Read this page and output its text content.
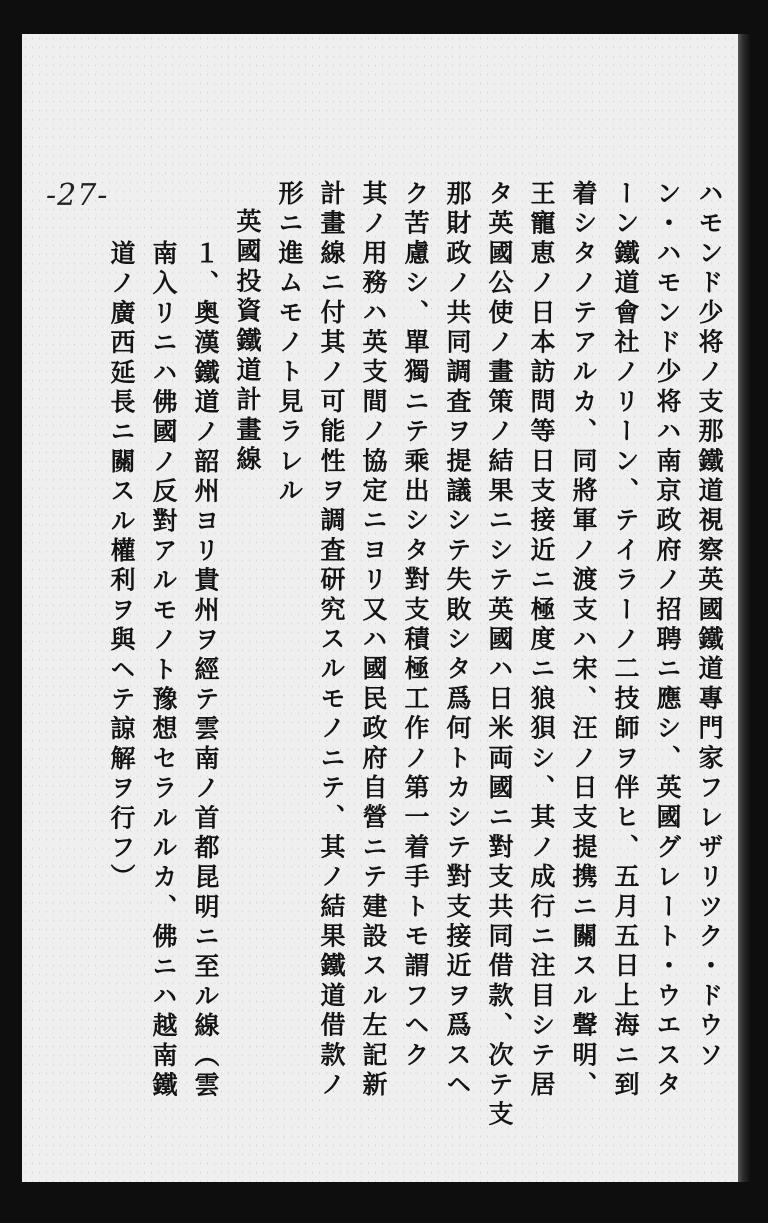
-27-	ハモンド少将ノ支那鐵道視察英國鐵道專門家フレザリツク・ドウソ
ン・ハモンド少将ハ南京政府ノ招聘ニ應シ、英國グレート・ウエスタ
ーン鐵道會社ノリーン、テイラーノ二技師ヲ伴ヒ、五月五日上海ニ到
着シタノテアルカ、同將軍ノ渡支ハ宋、汪ノ日支提携ニ關スル聲明、
王寵恵ノ日本訪問等日支接近ニ極度ニ狼狽シ、其ノ成行ニ注目シテ居
タ英國公使ノ畫策ノ結果ニシテ英國ハ日米両國ニ對支共同借款、次テ支
那財政ノ共同調査ヲ提議シテ失敗シタ爲何トカシテ對支接近ヲ爲スヘ
ク苦慮シ、單獨ニテ乘出シタ對支積極工作ノ第一着手トモ謂フヘク
其ノ用務ハ英支間ノ協定ニヨリ又ハ國民政府自營ニテ建設スル左記新
計畫線ニ付其ノ可能性ヲ調査研究スルモノニテ、其ノ結果鐵道借款ノ
形ニ進ムモノト見ラレル
英國投資鐵道計畫線
１、奥漢鐵道ノ韶州ヨリ貴州ヲ經テ雲南ノ首都昆明ニ至ル線（雲
南入リニハ佛國ノ反對アルモノト豫想セラルルカ、佛ニハ越南鐵
道ノ廣西延長ニ關スル權利ヲ與ヘテ諒解ヲ行フ）
